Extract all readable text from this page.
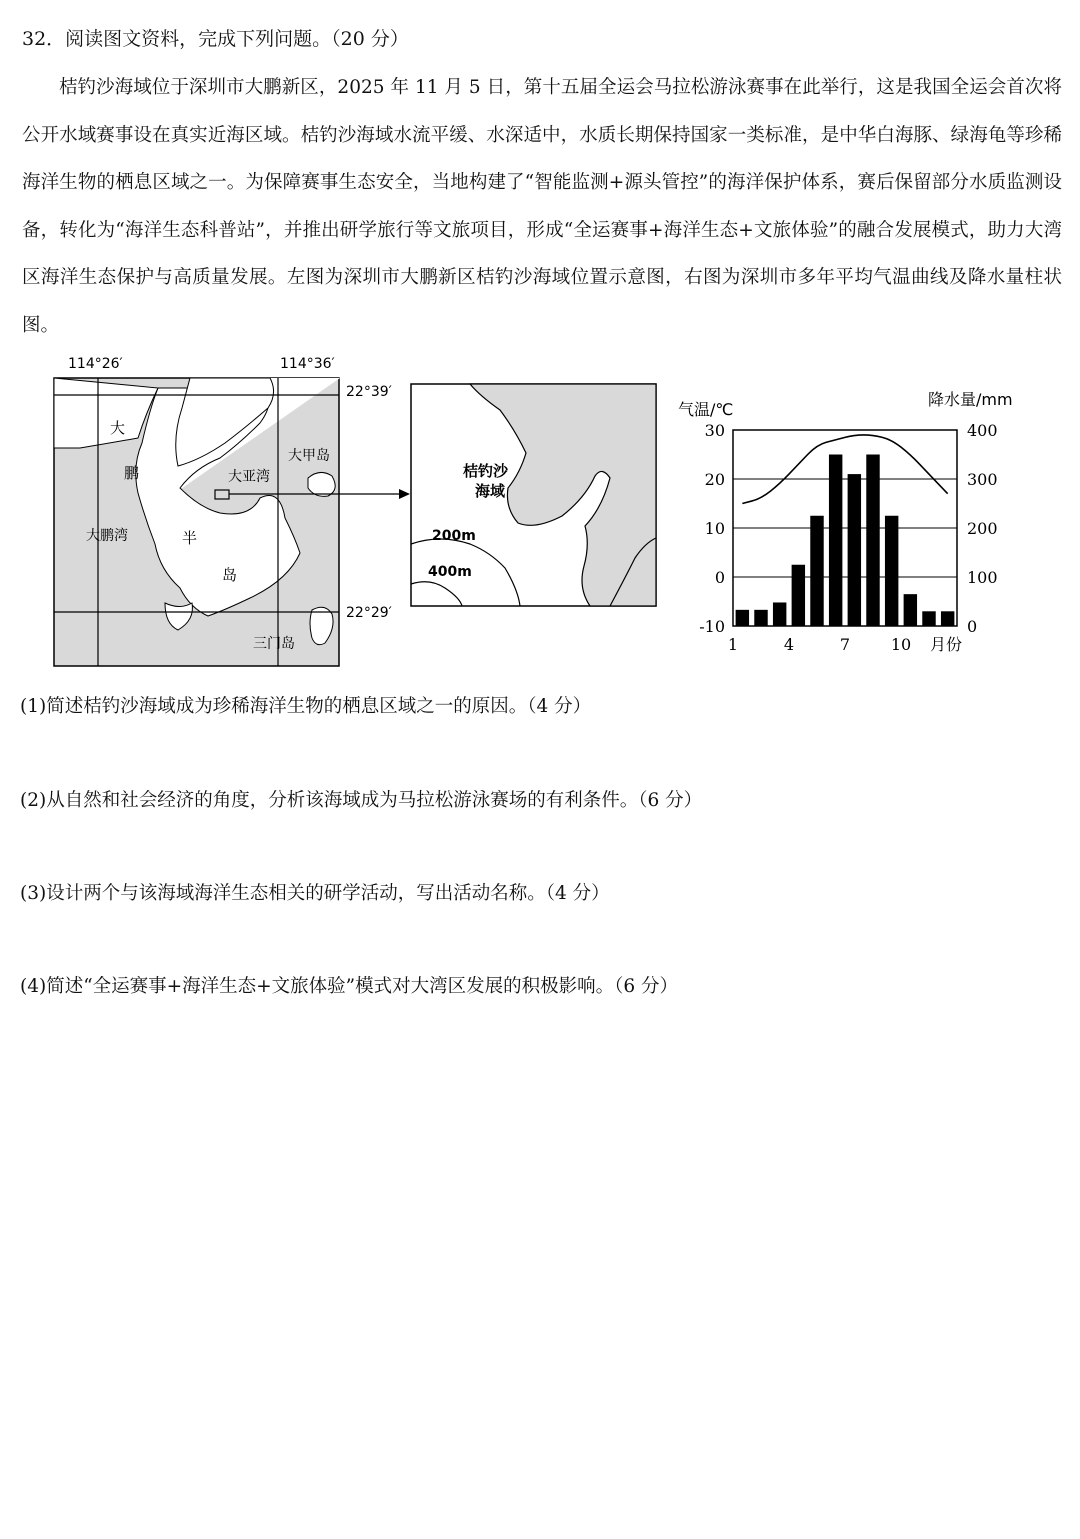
32．阅读图文资料，完成下列问题。（20 分）

桔钓沙海域位于深圳市大鹏新区，2025 年 11 月 5 日，第十五届全运会马拉松游泳赛事在此举行，这是我国全运会首次将公开水域赛事设在真实近海区域。桔钓沙海域水流平缓、水深适中，水质长期保持国家一类标准，是中华白海豚、绿海龟等珍稀海洋生物的栖息区域之一。为保障赛事生态安全，当地构建了“智能监测+源头管控”的海洋保护体系，赛后保留部分水质监测设备，转化为“海洋生态科普站”，并推出研学旅行等文旅项目，形成“全运赛事+海洋生态+文旅体验”的融合发展模式，助力大湾区海洋生态保护与高质量发展。左图为深圳市大鹏新区桔钓沙海域位置示意图，右图为深圳市多年平均气温曲线及降水量柱状图。

114°26′	114°36′
22°39′
22°29′
大
鹏
半
岛
大鹏湾
大亚湾
大甲岛
三门岛
桔钓沙
海域
200m
400m
气温/℃
降水量/mm
月份
30
20
10
0
-10
400
300
200
100
0
1	4	7	10

(1)简述桔钓沙海域成为珍稀海洋生物的栖息区域之一的原因。（4 分）

(2)从自然和社会经济的角度，分析该海域成为马拉松游泳赛场的有利条件。（6 分）

(3)设计两个与该海域海洋生态相关的研学活动，写出活动名称。（4 分）

(4)简述“全运赛事+海洋生态+文旅体验”模式对大湾区发展的积极影响。（6 分）
